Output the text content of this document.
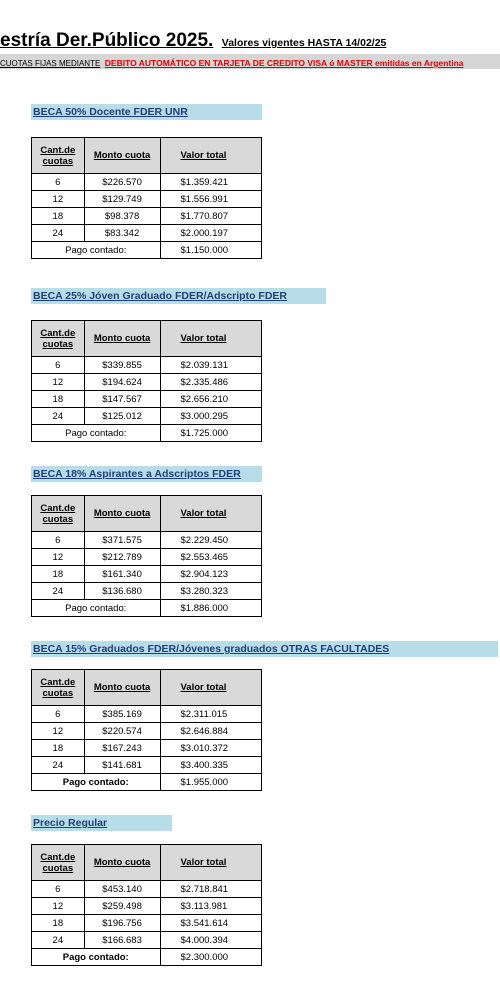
estría Der.Público 2025. Valores vigentes HASTA 14/02/25
CUOTAS FIJAS MEDIANTE DEBITO AUTOMÁTICO EN TARJETA DE CREDITO VISA ó MASTER emitidas en Argentina
BECA 50% Docente FDER UNR
Cant.de cuotas	Monto cuota	Valor total
6	$226.570	$1.359.421
12	$129.749	$1.556.991
18	$98.378	$1.770.807
24	$83.342	$2.000.197
Pago contado:		$1.150.000
BECA 25% Jóven Graduado FDER/Adscripto FDER
Cant.de cuotas	Monto cuota	Valor total
6	$339.855	$2.039.131
12	$194.624	$2.335.486
18	$147.567	$2.656.210
24	$125.012	$3.000.295
Pago contado:		$1.725.000
BECA 18% Aspirantes a Adscriptos FDER
Cant.de cuotas	Monto cuota	Valor total
6	$371.575	$2.229.450
12	$212.789	$2.553.465
18	$161.340	$2.904.123
24	$136.680	$3.280.323
Pago contado:		$1.886.000
BECA 15% Graduados FDER/Jóvenes graduados OTRAS FACULTADES
Cant.de cuotas	Monto cuota	Valor total
6	$385.169	$2.311.015
12	$220.574	$2.646.884
18	$167.243	$3.010.372
24	$141.681	$3.400.335
Pago contado:		$1.955.000
Precio Regular
Cant.de cuotas	Monto cuota	Valor total
6	$453.140	$2.718.841
12	$259.498	$3.113.981
18	$196.756	$3.541.614
24	$166.683	$4.000.394
Pago contado:		$2.300.000
